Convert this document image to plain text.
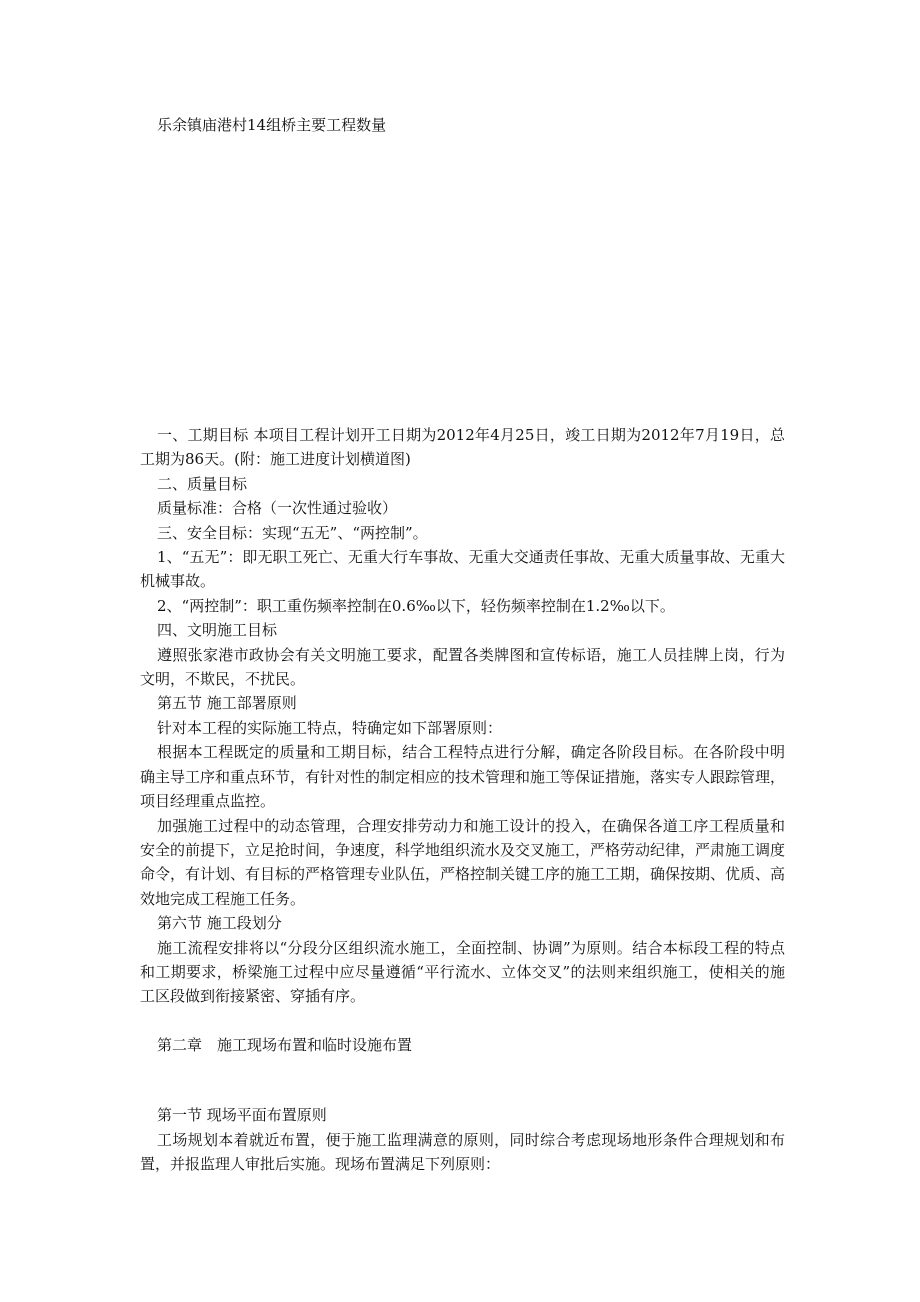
乐余镇庙港村14组桥主要工程数量

一、工期目标 本项目工程计划开工日期为2012年4月25日，竣工日期为2012年7月19日，总工期为86天。(附：施工进度计划横道图)

二、质量目标

质量标准：合格（一次性通过验收）

三、安全目标：实现“五无”、“两控制”。

1、“五无”：即无职工死亡、无重大行车事故、无重大交通责任事故、无重大质量事故、无重大机械事故。

2、“两控制”：职工重伤频率控制在0.6‰以下，轻伤频率控制在1.2‰以下。

四、文明施工目标

遵照张家港市政协会有关文明施工要求，配置各类牌图和宣传标语，施工人员挂牌上岗，行为文明，不欺民，不扰民。

第五节 施工部署原则

针对本工程的实际施工特点，特确定如下部署原则：

根据本工程既定的质量和工期目标，结合工程特点进行分解，确定各阶段目标。在各阶段中明确主导工序和重点环节，有针对性的制定相应的技术管理和施工等保证措施，落实专人跟踪管理，项目经理重点监控。

加强施工过程中的动态管理，合理安排劳动力和施工设计的投入，在确保各道工序工程质量和安全的前提下，立足抢时间，争速度，科学地组织流水及交叉施工，严格劳动纪律，严肃施工调度命令，有计划、有目标的严格管理专业队伍，严格控制关键工序的施工工期，确保按期、优质、高效地完成工程施工任务。

第六节 施工段划分

施工流程安排将以“分段分区组织流水施工，全面控制、协调”为原则。结合本标段工程的特点和工期要求，桥梁施工过程中应尽量遵循“平行流水、立体交叉”的法则来组织施工，使相关的施工区段做到衔接紧密、穿插有序。

第二章　施工现场布置和临时设施布置

第一节 现场平面布置原则

工场规划本着就近布置，便于施工监理满意的原则，同时综合考虑现场地形条件合理规划和布置，并报监理人审批后实施。现场布置满足下列原则：
